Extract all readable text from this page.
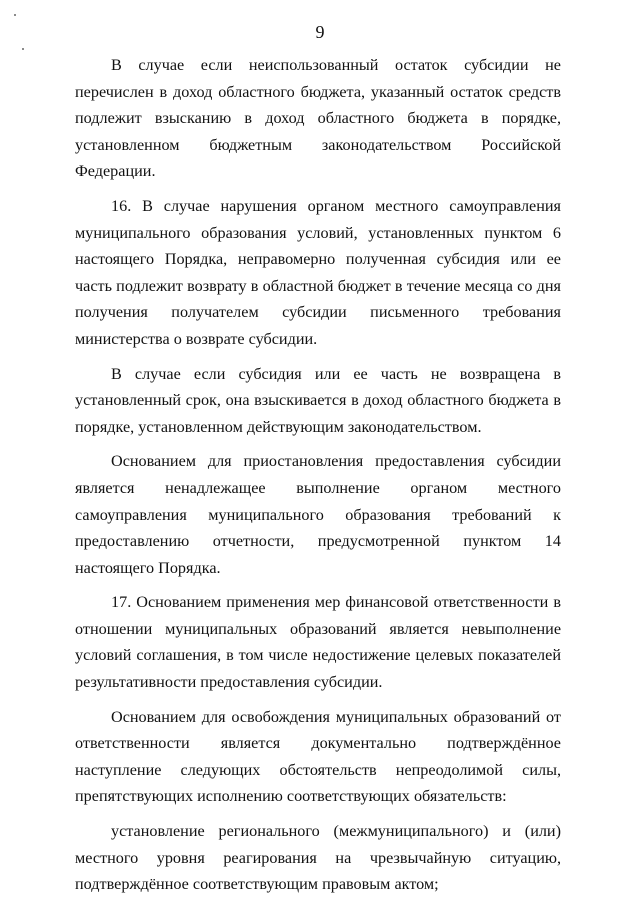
9

В случае если неиспользованный остаток субсидии не перечислен в доход областного бюджета, указанный остаток средств подлежит взысканию в доход областного бюджета в порядке, установленном бюджетным законодательством Российской Федерации.

16. В случае нарушения органом местного самоуправления муниципального образования условий, установленных пунктом 6 настоящего Порядка, неправомерно полученная субсидия или ее часть подлежит возврату в областной бюджет в течение месяца со дня получения получателем субсидии письменного требования министерства о возврате субсидии.

В случае если субсидия или ее часть не возвращена в установленный срок, она взыскивается в доход областного бюджета в порядке, установленном действующим законодательством.

Основанием для приостановления предоставления субсидии является ненадлежащее выполнение органом местного самоуправления муниципального образования требований к предоставлению отчетности, предусмотренной пунктом 14 настоящего Порядка.

17. Основанием применения мер финансовой ответственности в отношении муниципальных образований является невыполнение условий соглашения, в том числе недостижение целевых показателей результативности предоставления субсидии.

Основанием для освобождения муниципальных образований от ответственности является документально подтверждённое наступление следующих обстоятельств непреодолимой силы, препятствующих исполнению соответствующих обязательств:

установление регионального (межмуниципального) и (или) местного уровня реагирования на чрезвычайную ситуацию, подтверждённое соответствующим правовым актом;
